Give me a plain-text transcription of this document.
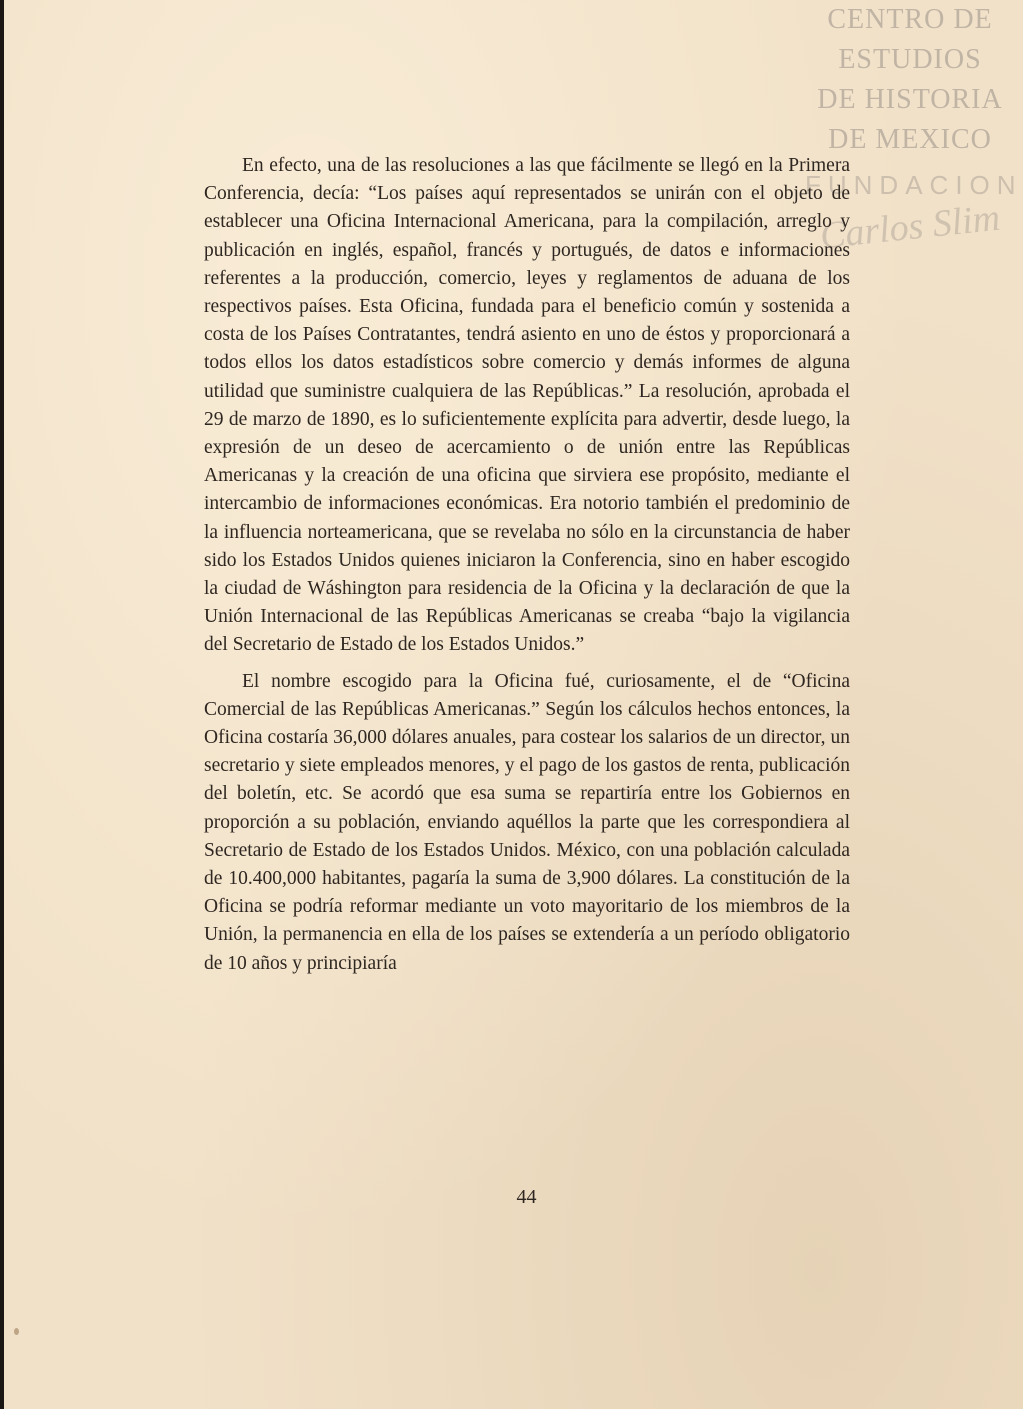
CENTRO DE
ESTUDIOS
DE HISTORIA
DE MEXICO
FUNDACION
Carlos Slim

En efecto, una de las resoluciones a las que fácilmente se llegó en la Primera Conferencia, decía: “Los países aquí representados se unirán con el objeto de establecer una Oficina Internacional Americana, para la compilación, arreglo y publicación en inglés, español, francés y portugués, de datos e informaciones referentes a la producción, comercio, leyes y reglamentos de aduana de los respectivos países. Esta Oficina, fundada para el beneficio común y sostenida a costa de los Países Contratantes, tendrá asiento en uno de éstos y proporcionará a todos ellos los datos estadísticos sobre comercio y demás informes de alguna utilidad que suministre cualquiera de las Repúblicas.” La resolución, aprobada el 29 de marzo de 1890, es lo suficientemente explícita para advertir, desde luego, la expresión de un deseo de acercamiento o de unión entre las Repúblicas Americanas y la creación de una oficina que sirviera ese propósito, mediante el intercambio de informaciones económicas. Era notorio también el predominio de la influencia norteamericana, que se revelaba no sólo en la circunstancia de haber sido los Estados Unidos quienes iniciaron la Conferencia, sino en haber escogido la ciudad de Wáshington para residencia de la Oficina y la declaración de que la Unión Internacional de las Repúblicas Americanas se creaba “bajo la vigilancia del Secretario de Estado de los Estados Unidos.”

El nombre escogido para la Oficina fué, curiosamente, el de “Oficina Comercial de las Repúblicas Americanas.” Según los cálculos hechos entonces, la Oficina costaría 36,000 dólares anuales, para costear los salarios de un director, un secretario y siete empleados menores, y el pago de los gastos de renta, publicación del boletín, etc. Se acordó que esa suma se repartiría entre los Gobiernos en proporción a su población, enviando aquéllos la parte que les correspondiera al Secretario de Estado de los Estados Unidos. México, con una población calculada de 10.400,000 habitantes, pagaría la suma de 3,900 dólares. La constitución de la Oficina se podría reformar mediante un voto mayoritario de los miembros de la Unión, la permanencia en ella de los países se extendería a un período obligatorio de 10 años y principiaría

44
